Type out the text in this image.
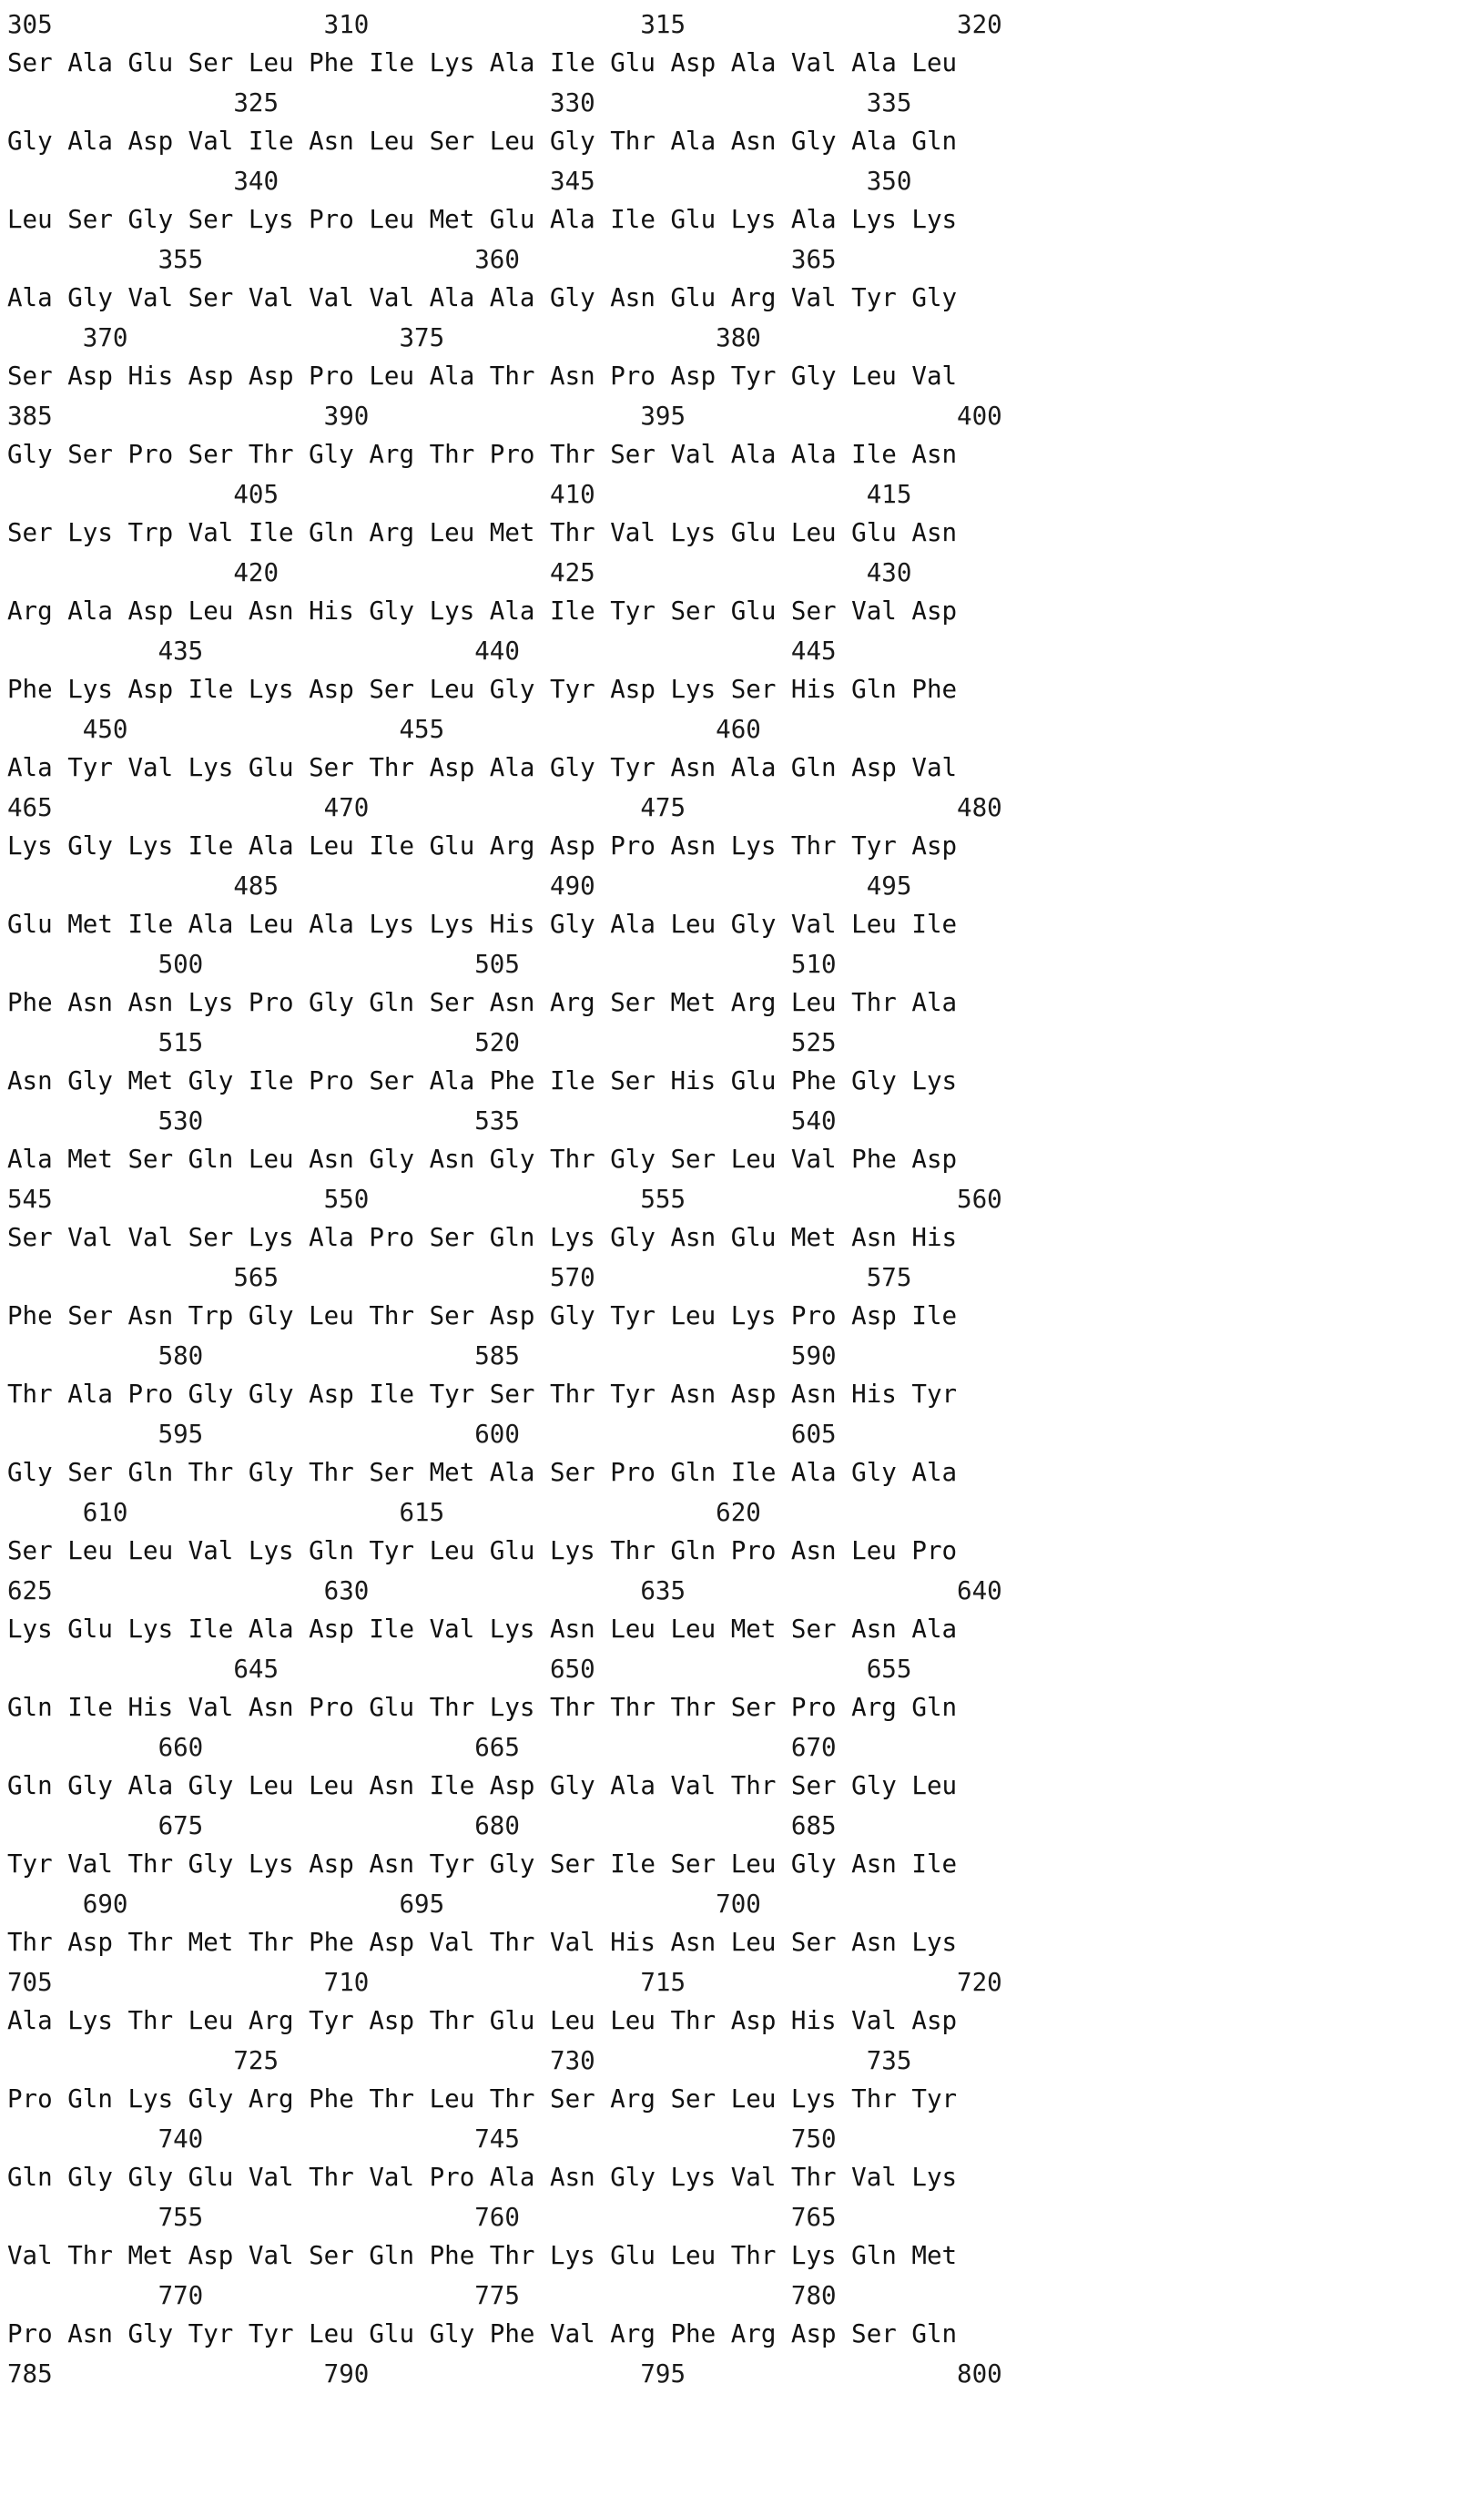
305                  310                  315                  320
Ser Ala Glu Ser Leu Phe Ile Lys Ala Ile Glu Asp Ala Val Ala Leu
325                  330                  335
Gly Ala Asp Val Ile Asn Leu Ser Leu Gly Thr Ala Asn Gly Ala Gln
340                  345                  350
Leu Ser Gly Ser Lys Pro Leu Met Glu Ala Ile Glu Lys Ala Lys Lys
355                  360                  365
Ala Gly Val Ser Val Val Val Ala Ala Gly Asn Glu Arg Val Tyr Gly
370                  375                  380
Ser Asp His Asp Asp Pro Leu Ala Thr Asn Pro Asp Tyr Gly Leu Val
385                  390                  395                  400
Gly Ser Pro Ser Thr Gly Arg Thr Pro Thr Ser Val Ala Ala Ile Asn
405                  410                  415
Ser Lys Trp Val Ile Gln Arg Leu Met Thr Val Lys Glu Leu Glu Asn
420                  425                  430
Arg Ala Asp Leu Asn His Gly Lys Ala Ile Tyr Ser Glu Ser Val Asp
435                  440                  445
Phe Lys Asp Ile Lys Asp Ser Leu Gly Tyr Asp Lys Ser His Gln Phe
450                  455                  460
Ala Tyr Val Lys Glu Ser Thr Asp Ala Gly Tyr Asn Ala Gln Asp Val
465                  470                  475                  480
Lys Gly Lys Ile Ala Leu Ile Glu Arg Asp Pro Asn Lys Thr Tyr Asp
485                  490                  495
Glu Met Ile Ala Leu Ala Lys Lys His Gly Ala Leu Gly Val Leu Ile
500                  505                  510
Phe Asn Asn Lys Pro Gly Gln Ser Asn Arg Ser Met Arg Leu Thr Ala
515                  520                  525
Asn Gly Met Gly Ile Pro Ser Ala Phe Ile Ser His Glu Phe Gly Lys
530                  535                  540
Ala Met Ser Gln Leu Asn Gly Asn Gly Thr Gly Ser Leu Val Phe Asp
545                  550                  555                  560
Ser Val Val Ser Lys Ala Pro Ser Gln Lys Gly Asn Glu Met Asn His
565                  570                  575
Phe Ser Asn Trp Gly Leu Thr Ser Asp Gly Tyr Leu Lys Pro Asp Ile
580                  585                  590
Thr Ala Pro Gly Gly Asp Ile Tyr Ser Thr Tyr Asn Asp Asn His Tyr
595                  600                  605
Gly Ser Gln Thr Gly Thr Ser Met Ala Ser Pro Gln Ile Ala Gly Ala
610                  615                  620
Ser Leu Leu Val Lys Gln Tyr Leu Glu Lys Thr Gln Pro Asn Leu Pro
625                  630                  635                  640
Lys Glu Lys Ile Ala Asp Ile Val Lys Asn Leu Leu Met Ser Asn Ala
645                  650                  655
Gln Ile His Val Asn Pro Glu Thr Lys Thr Thr Thr Ser Pro Arg Gln
660                  665                  670
Gln Gly Ala Gly Leu Leu Asn Ile Asp Gly Ala Val Thr Ser Gly Leu
675                  680                  685
Tyr Val Thr Gly Lys Asp Asn Tyr Gly Ser Ile Ser Leu Gly Asn Ile
690                  695                  700
Thr Asp Thr Met Thr Phe Asp Val Thr Val His Asn Leu Ser Asn Lys
705                  710                  715                  720
Ala Lys Thr Leu Arg Tyr Asp Thr Glu Leu Leu Thr Asp His Val Asp
725                  730                  735
Pro Gln Lys Gly Arg Phe Thr Leu Thr Ser Arg Ser Leu Lys Thr Tyr
740                  745                  750
Gln Gly Gly Glu Val Thr Val Pro Ala Asn Gly Lys Val Thr Val Lys
755                  760                  765
Val Thr Met Asp Val Ser Gln Phe Thr Lys Glu Leu Thr Lys Gln Met
770                  775                  780
Pro Asn Gly Tyr Tyr Leu Glu Gly Phe Val Arg Phe Arg Asp Ser Gln
785                  790                  795                  800
